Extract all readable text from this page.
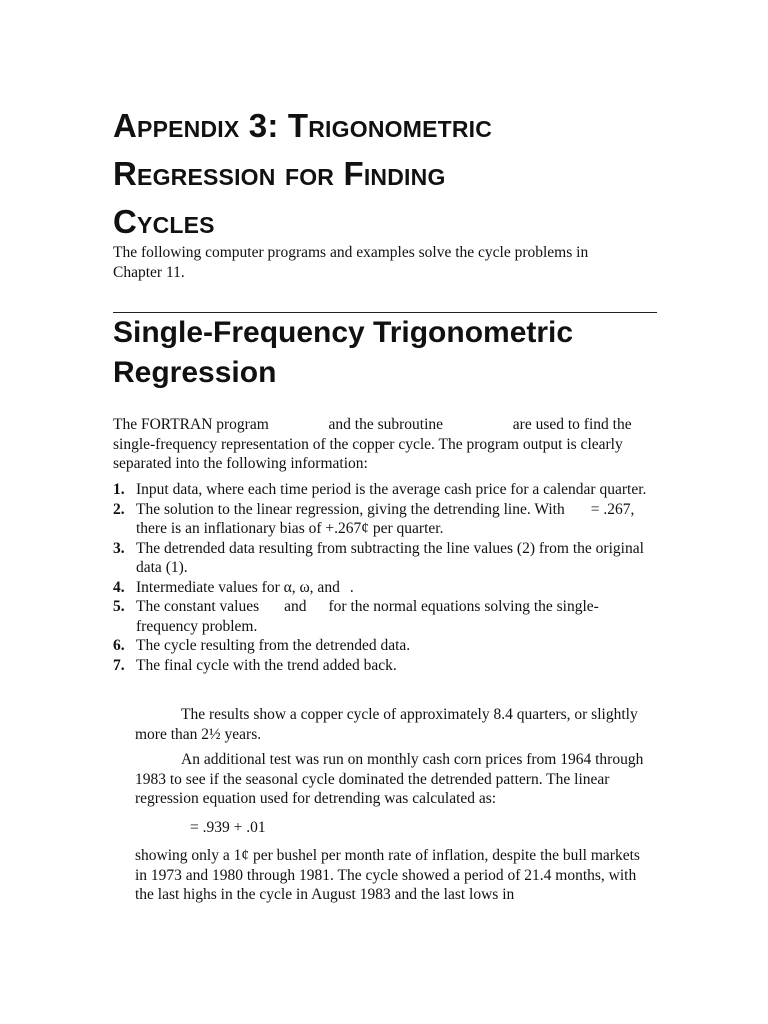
Appendix 3: Trigonometric
Regression for Finding
Cycles

The following computer programs and examples solve the cycle problems in Chapter 11.

Single-Frequency Trigonometric Regression

The FORTRAN program	and the subroutine	are used to find the single-frequency representation of the copper cycle. The program output is clearly separated into the following information:

1. Input data, where each time period is the average cash price for a calendar quarter.
2. The solution to the linear regression, giving the detrending line. With = .267, there is an inflationary bias of +.267¢ per quarter.
3. The detrended data resulting from subtracting the line values (2) from the original data (1).
4. Intermediate values for α, ω, and .
5. The constant values and for the normal equations solving the single-frequency problem.
6. The cycle resulting from the detrended data.
7. The final cycle with the trend added back.

The results show a copper cycle of approximately 8.4 quarters, or slightly more than 2½ years.

An additional test was run on monthly cash corn prices from 1964 through 1983 to see if the seasonal cycle dominated the detrended pattern. The linear regression equation used for detrending was calculated as:

= .939 + .01

showing only a 1¢ per bushel per month rate of inflation, despite the bull markets in 1973 and 1980 through 1981. The cycle showed a period of 21.4 months, with the last highs in the cycle in August 1983 and the last lows in
